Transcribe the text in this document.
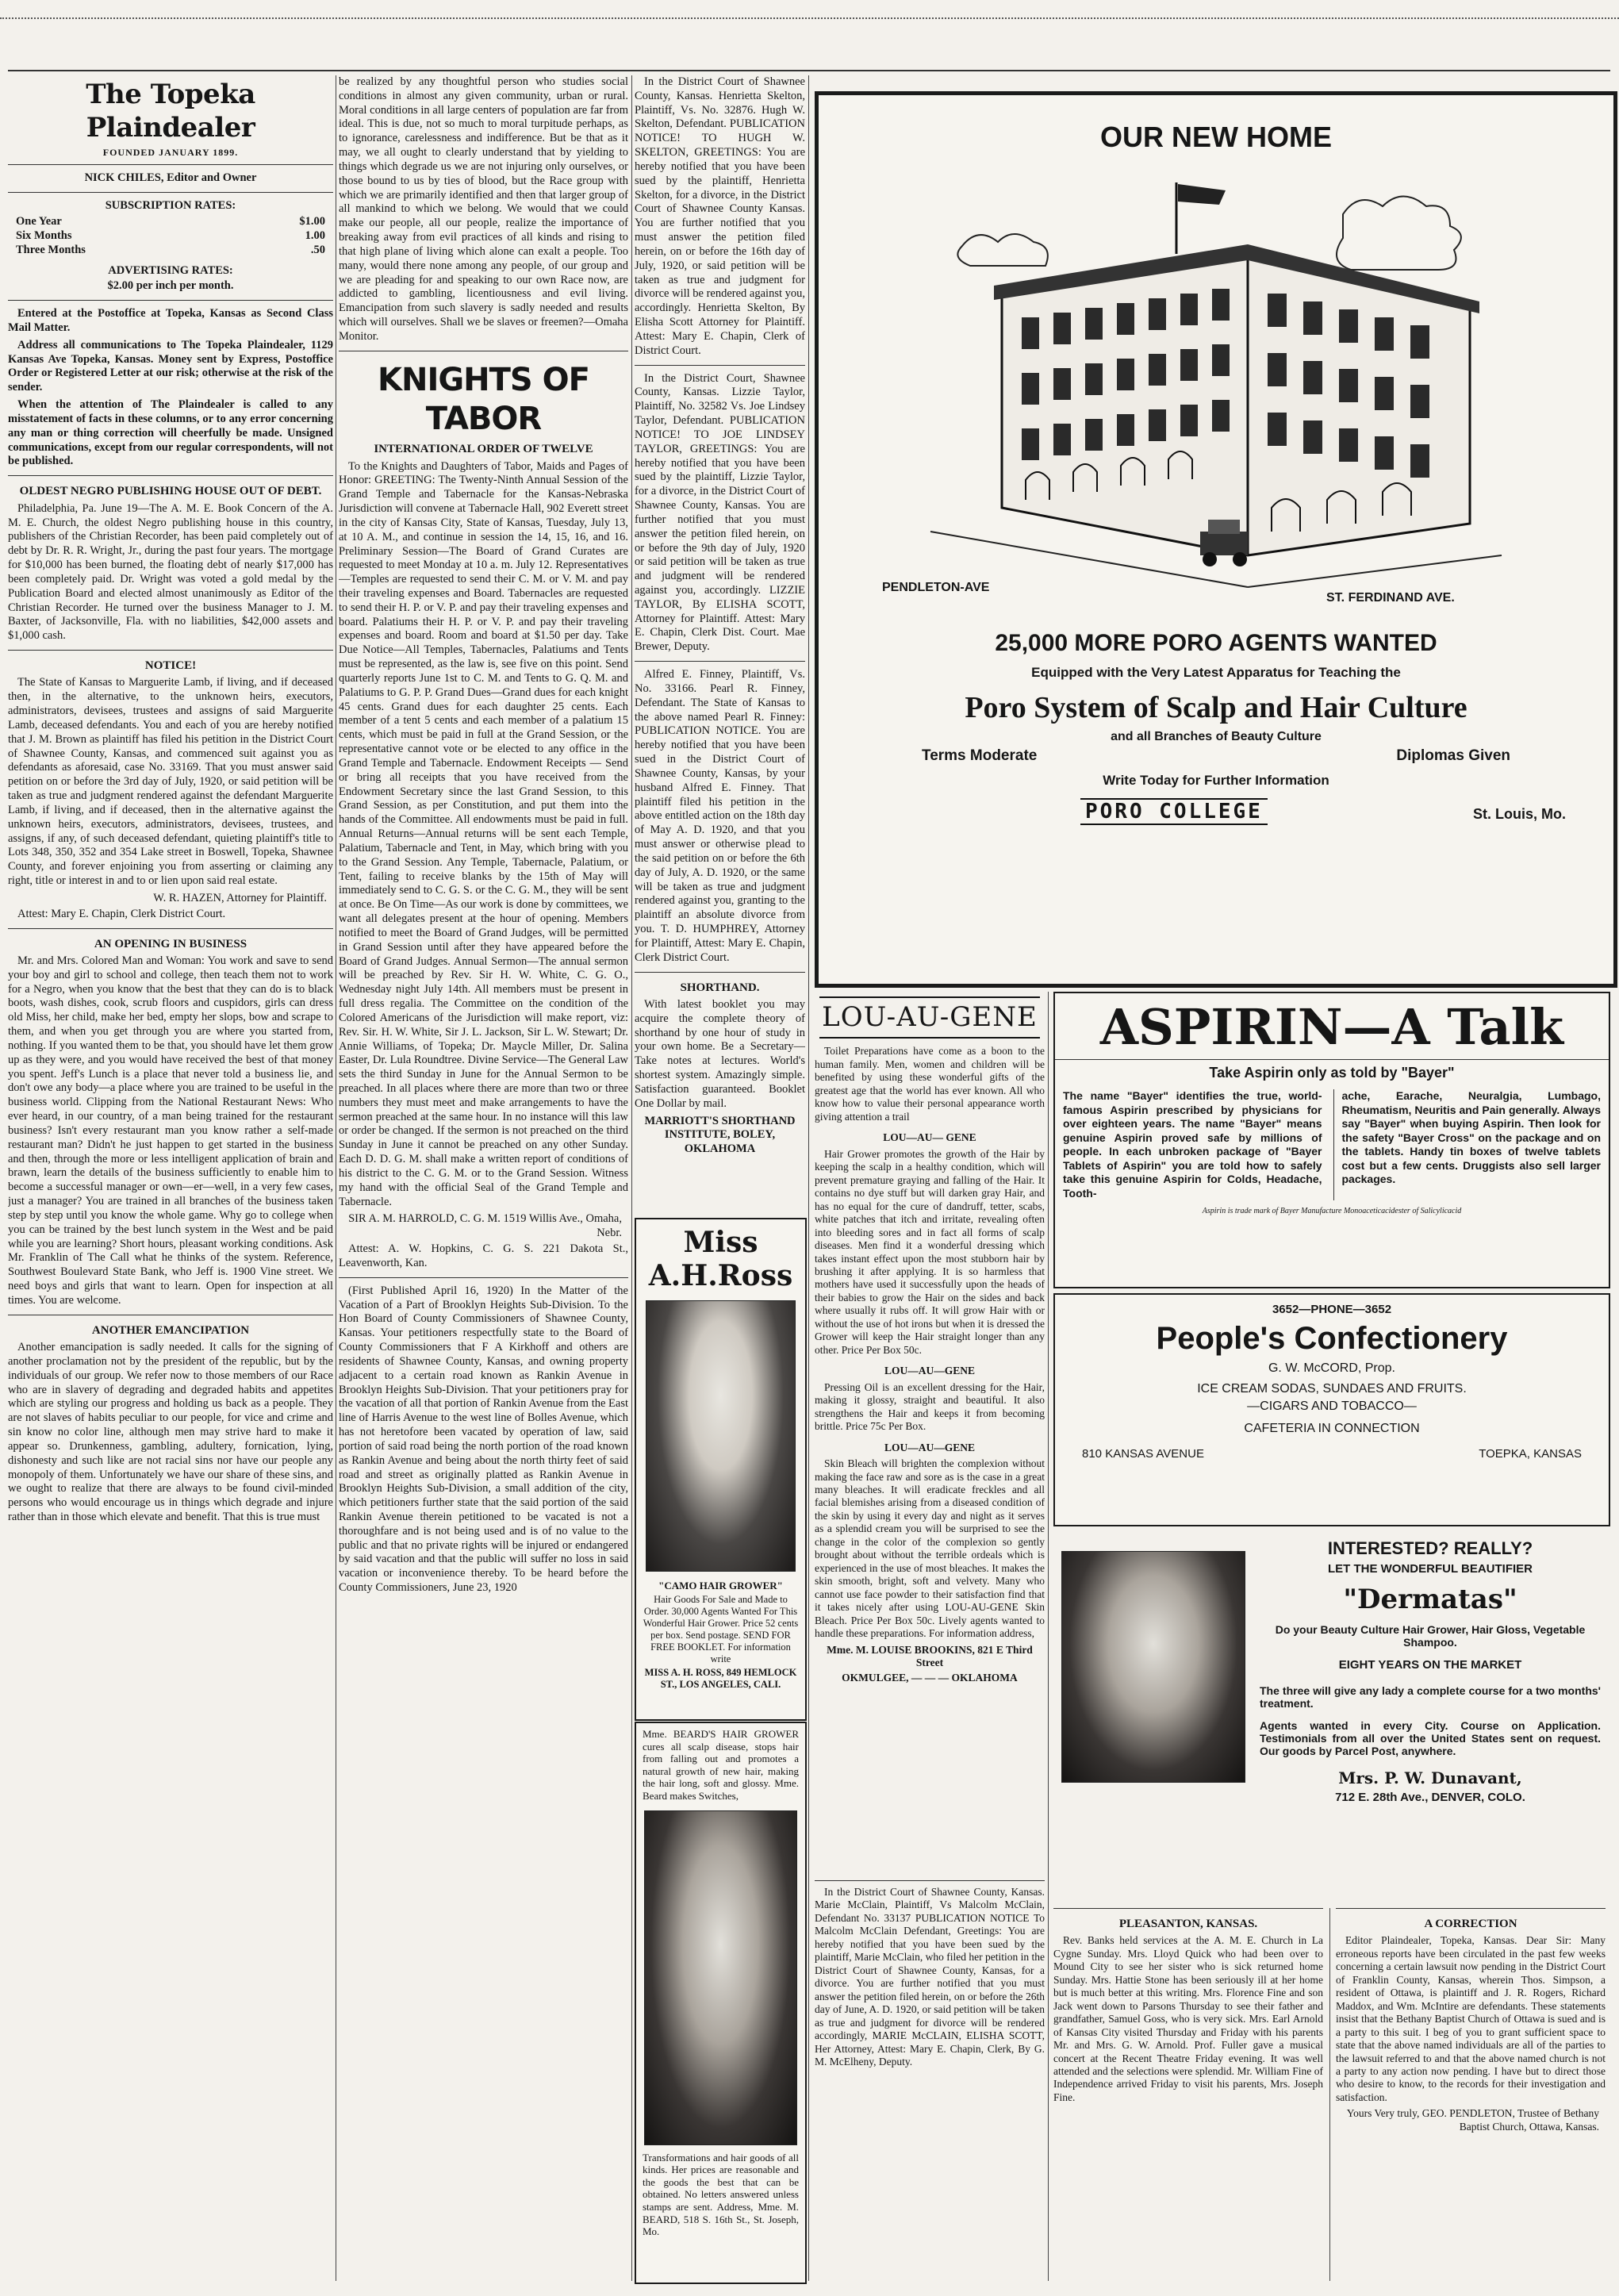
The Topeka Plaindealer
FOUNDED JANUARY 1899.
NICK CHILES, Editor and Owner
SUBSCRIPTION RATES:
One Year	$1.00
Six Months	1.00
Three Months	.50
ADVERTISING RATES:
$2.00 per inch per month.

Entered at the Postoffice at Topeka, Kansas as Second Class Mail Matter.

Address all communications to The Topeka Plaindealer, 1129 Kansas Ave Topeka, Kansas. Money sent by Express, Postoffice Order or Registered Letter at our risk; otherwise at the risk of the sender.

When the attention of The Plaindealer is called to any misstatement of facts in these columns, or to any error concerning any man or thing correction will cheerfully be made. Unsigned communications, except from our regular correspondents, will not be published.

OLDEST NEGRO PUBLISHING HOUSE OUT OF DEBT.

Philadelphia, Pa. June 19—The A. M. E. Book Concern of the A. M. E. Church, the oldest Negro publishing house in this country, publishers of the Christian Recorder, has been paid completely out of debt by Dr. R. R. Wright, Jr., during the past four years. The mortgage for $10,000 has been burned, the floating debt of nearly $17,000 has been completely paid. Dr. Wright was voted a gold medal by the Publication Board and elected almost unanimously as Editor of the Christian Recorder. He turned over the business Manager to J. M. Baxter, of Jacksonville, Fla. with no liabilities, $42,000 assets and $1,000 cash.

NOTICE!

The State of Kansas to Marguerite Lamb, if living, and if deceased then, in the alternative, to the unknown heirs, executors, administrators, devisees, trustees and assigns of said Marguerite Lamb, deceased defendants. You and each of you are hereby notified that J. M. Brown as plaintiff has filed his petition in the District Court of Shawnee County, Kansas, and commenced suit against you as defendants as aforesaid, case No. 33169. That you must answer said petition on or before the 3rd day of July, 1920, or said petition will be taken as true and judgment rendered against the defendant Marguerite Lamb, if living, and if deceased, then in the alternative against the unknown heirs, executors, administrators, devisees, trustees, and assigns, if any, of such deceased defendant, quieting plaintiff's title to Lots 348, 350, 352 and 354 Lake street in Boswell, Topeka, Shawnee County, and forever enjoining you from asserting or claiming any right, title or interest in and to or lien upon said real estate.

W. R. HAZEN, Attorney for Plaintiff.

Attest: Mary E. Chapin, Clerk District Court.

AN OPENING IN BUSINESS

Mr. and Mrs. Colored Man and Woman: You work and save to send your boy and girl to school and college, then teach them not to work for a Negro, when you know that the best that they can do is to black boots, wash dishes, cook, scrub floors and cuspidors, girls can dress old Miss, her child, make her bed, empty her slops, bow and scrape to them, and when you get through you are where you started from, nothing. If you wanted them to be that, you should have let them grow up as they were, and you would have received the best of that money you spent. Jeff's Lunch is a place that never told a business lie, and don't owe any body—a place where you are trained to be useful in the business world. Clipping from the National Restaurant News: Who ever heard, in our country, of a man being trained for the restaurant business? Isn't every restaurant man you know rather a self-made restaurant man? Didn't he just happen to get started in the business and then, through the more or less intelligent application of brain and brawn, learn the details of the business sufficiently to enable him to become a successful manager or own—er—well, in a very few cases, just a manager? You are trained in all branches of the business taken step by step until you know the whole game. Why go to college when you can be trained by the best lunch system in the West and be paid while you are learning? Short hours, pleasant working conditions. Ask Mr. Franklin of The Call what he thinks of the system. Reference, Southwest Boulevard State Bank, who Jeff is. 1900 Vine street. We need boys and girls that want to learn. Open for inspection at all times. You are welcome.

ANOTHER EMANCIPATION

Another emancipation is sadly needed. It calls for the signing of another proclamation not by the president of the republic, but by the individuals of our group. We refer now to those members of our Race who are in slavery of degrading and degraded habits and appetites which are styling our progress and holding us back as a people. They are not slaves of habits peculiar to our people, for vice and crime and sin know no color line, although men may strive hard to make it appear so. Drunkenness, gambling, adultery, fornication, lying, dishonesty and such like are not racial sins nor have our people any monopoly of them. Unfortunately we have our share of these sins, and we ought to realize that there are always to be found civil-minded persons who would encourage us in things which degrade and injure rather than in those which elevate and benefit. That this is true must

be realized by any thoughtful person who studies social conditions in almost any given community, urban or rural. Moral conditions in all large centers of population are far from ideal. This is due, not so much to moral turpitude perhaps, as to ignorance, carelessness and indifference. But be that as it may, we all ought to clearly understand that by yielding to things which degrade us we are not injuring only ourselves, or those bound to us by ties of blood, but the Race group with which we are primarily identified and then that larger group of all mankind to which we belong. We would that we could make our people, all our people, realize the importance of breaking away from evil practices of all kinds and rising to that high plane of living which alone can exalt a people. Too many, would there none among any people, of our group and we are pleading for and speaking to our own Race now, are addicted to gambling, licentiousness and evil living. Emancipation from such slavery is sadly needed and results which will ourselves. Shall we be slaves or freemen?—Omaha Monitor.

KNIGHTS OF TABOR
INTERNATIONAL ORDER OF TWELVE

To the Knights and Daughters of Tabor, Maids and Pages of Honor: GREETING: The Twenty-Ninth Annual Session of the Grand Temple and Tabernacle for the Kansas-Nebraska Jurisdiction will convene at Tabernacle Hall, 902 Everett street in the city of Kansas City, State of Kansas, Tuesday, July 13, at 10 A. M., and continue in session the 14, 15, 16, and 16. Preliminary Session—The Board of Grand Curates are requested to meet Monday at 10 a. m. July 12. Representatives—Temples are requested to send their C. M. or V. M. and pay their traveling expenses and Board. Tabernacles are requested to send their H. P. or V. P. and pay their traveling expenses and board. Palatiums their H. P. or V. P. and pay their traveling expenses and board. Room and board at $1.50 per day. Take Due Notice—All Temples, Tabernacles, Palatiums and Tents must be represented, as the law is, see five on this point. Send quarterly reports June 1st to C. M. and Tents to G. Q. M. and Palatiums to G. P. P. Grand Dues—Grand dues for each knight 45 cents. Grand dues for each daughter 25 cents. Each member of a tent 5 cents and each member of a palatium 15 cents, which must be paid in full at the Grand Session, or the representative cannot vote or be elected to any office in the Grand Temple and Tabernacle. Endowment Receipts — Send or bring all receipts that you have received from the Endowment Secretary since the last Grand Session, to this Grand Session, as per Constitution, and put them into the hands of the Committee. All endowments must be paid in full. Annual Returns—Annual returns will be sent each Temple, Palatium, Tabernacle and Tent, in May, which bring with you to the Grand Session. Any Temple, Tabernacle, Palatium, or Tent, failing to receive blanks by the 15th of May will immediately send to C. G. S. or the C. G. M., they will be sent at once. Be On Time—As our work is done by committees, we want all delegates present at the hour of opening. Members notified to meet the Board of Grand Judges, will be permitted in Grand Session until after they have appeared before the Board of Grand Judges. Annual Sermon—The annual sermon will be preached by Rev. Sir H. W. White, C. G. O., Wednesday night July 14th. All members must be present in full dress regalia. The Committee on the condition of the Colored Americans of the Jurisdiction will make report, viz: Rev. Sir. H. W. White, Sir J. L. Jackson, Sir L. W. Stewart; Dr. Annie Williams, of Topeka; Dr. Maycle Miller, Dr. Salina Easter, Dr. Lula Roundtree. Divine Service—The General Law sets the third Sunday in June for the Annual Sermon to be preached. In all places where there are more than two or three numbers they must meet and make arrangements to have the sermon preached at the same hour. In no instance will this law or order be changed. If the sermon is not preached on the third Sunday in June it cannot be preached on any other Sunday. Each D. D. G. M. shall make a written report of conditions of his district to the C. G. M. or to the Grand Session. Witness my hand with the official Seal of the Grand Temple and Tabernacle.

SIR A. M. HARROLD, C. G. M. 1519 Willis Ave., Omaha, Nebr.

Attest: A. W. Hopkins, C. G. S. 221 Dakota St., Leavenworth, Kan.

(First Published April 16, 1920) In the Matter of the Vacation of a Part of Brooklyn Heights Sub-Division. To the Hon Board of County Commissioners of Shawnee County, Kansas. Your petitioners respectfully state to the Board of County Commissioners that F A Kirkhoff and others are residents of Shawnee County, Kansas, and owning property adjacent to a certain road known as Rankin Avenue in Brooklyn Heights Sub-Division. That your petitioners pray for the vacation of all that portion of Rankin Avenue from the East line of Harris Avenue to the west line of Bolles Avenue, which has not heretofore been vacated by operation of law, said portion of said road being the north portion of the road known as Rankin Avenue and being about the north thirty feet of said road and street as originally platted as Rankin Avenue in Brooklyn Heights Sub-Division, a small addition of the city, which petitioners further state that the said portion of the said Rankin Avenue therein petitioned to be vacated is not a thoroughfare and is not being used and is of no value to the public and that no private rights will be injured or endangered by said vacation and that the public will suffer no loss in said vacation or inconvenience thereby. To be heard before the County Commissioners, June 23, 1920

In the District Court of Shawnee County, Kansas. Henrietta Skelton, Plaintiff, Vs. No. 32876. Hugh W. Skelton, Defendant. PUBLICATION NOTICE! TO HUGH W. SKELTON, GREETINGS: You are hereby notified that you have been sued by the plaintiff, Henrietta Skelton, for a divorce, in the District Court of Shawnee County Kansas. You are further notified that you must answer the petition filed herein, on or before the 16th day of July, 1920, or said petition will be taken as true and judgment for divorce will be rendered against you, accordingly. Henrietta Skelton, By Elisha Scott Attorney for Plaintiff. Attest: Mary E. Chapin, Clerk of District Court.

In the District Court, Shawnee County, Kansas. Lizzie Taylor, Plaintiff, No. 32582 Vs. Joe Lindsey Taylor, Defendant. PUBLICATION NOTICE! TO JOE LINDSEY TAYLOR, GREETINGS: You are hereby notified that you have been sued by the plaintiff, Lizzie Taylor, for a divorce, in the District Court of Shawnee County, Kansas. You are further notified that you must answer the petition filed herein, on or before the 9th day of July, 1920 or said petition will be taken as true and judgment will be rendered against you, accordingly. LIZZIE TAYLOR, By ELISHA SCOTT, Attorney for Plaintiff. Attest: Mary E. Chapin, Clerk Dist. Court. Mae Brewer, Deputy.

Alfred E. Finney, Plaintiff, Vs. No. 33166. Pearl R. Finney, Defendant. The State of Kansas to the above named Pearl R. Finney: PUBLICATION NOTICE. You are hereby notified that you have been sued in the District Court of Shawnee County, Kansas, by your husband Alfred E. Finney. That plaintiff filed his petition in the above entitled action on the 18th day of May A. D. 1920, and that you must answer or otherwise plead to the said petition on or before the 6th day of July, A. D. 1920, or the same will be taken as true and judgment rendered against you, granting to the plaintiff an absolute divorce from you. T. D. HUMPHREY, Attorney for Plaintiff, Attest: Mary E. Chapin, Clerk District Court.

SHORTHAND.

With latest booklet you may acquire the complete theory of shorthand by one hour of study in your own home. Be a Secretary—Take notes at lectures. World's shortest system. Amazingly simple. Satisfaction guaranteed. Booklet One Dollar by mail.

MARRIOTT'S SHORTHAND INSTITUTE, BOLEY, OKLAHOMA
Miss A.H.Ross
"CAMO HAIR GROWER"
Hair Goods For Sale and Made to Order. 30,000 Agents Wanted For This Wonderful Hair Grower. Price 52 cents per box. Send postage. SEND FOR FREE BOOKLET. For information write
MISS A. H. ROSS, 849 HEMLOCK ST., LOS ANGELES, CALI.
Mme. BEARD'S HAIR GROWER cures all scalp disease, stops hair from falling out and promotes a natural growth of new hair, making the hair long, soft and glossy. Mme. Beard makes Switches,
Transformations and hair goods of all kinds. Her prices are reasonable and the goods the best that can be obtained. No letters answered unless stamps are sent. Address, Mme. M. BEARD, 518 S. 16th St., St. Joseph, Mo.
OUR NEW HOME
PENDLETON-AVE
ST. FERDINAND AVE.
25,000 MORE PORO AGENTS WANTED
Equipped with the Very Latest Apparatus for Teaching the
Poro System of Scalp and Hair Culture
and all Branches of Beauty Culture
Terms Moderate	Diplomas Given
Write Today for Further Information
PORO COLLEGE	St. Louis, Mo.
LOU-AU-GENE

Toilet Preparations have come as a boon to the human family. Men, women and children will be benefited by using these wonderful gifts of the greatest age that the world has ever known. All who know how to value their personal appearance worth giving attention a trail

LOU—AU— GENE

Hair Grower promotes the growth of the Hair by keeping the scalp in a healthy condition, which will prevent premature graying and falling of the Hair. It contains no dye stuff but will darken gray Hair, and has no equal for the cure of dandruff, tetter, scabs, white patches that itch and irritate, revealing often into bleeding sores and in fact all forms of scalp diseases. Men find it a wonderful dressing which takes instant effect upon the most stubborn hair by brushing it after applying. It is so harmless that mothers have used it successfully upon the heads of their babies to grow the Hair on the sides and back where usually it rubs off. It will grow Hair with or without the use of hot irons but when it is dressed the Grower will keep the Hair straight longer than any other. Price Per Box 50c.

LOU—AU—GENE

Pressing Oil is an excellent dressing for the Hair, making it glossy, straight and beautiful. It also strengthens the Hair and keeps it from becoming brittle. Price 75c Per Box.

LOU—AU—GENE

Skin Bleach will brighten the complexion without making the face raw and sore as is the case in a great many bleaches. It will eradicate freckles and all facial blemishes arising from a diseased condition of the skin by using it every day and night as it serves as a splendid cream you will be surprised to see the change in the color of the complexion so gently brought about without the terrible ordeals which is experienced in the use of most bleaches. It makes the skin smooth, bright, soft and velvety. Many who cannot use face powder to their satisfaction find that it takes nicely after using LOU-AU-GENE Skin Bleach. Price Per Box 50c. Lively agents wanted to handle these preparations. For information address,

Mme. M. LOUISE BROOKINS, 821 E Third Street
OKMULGEE, — — — OKLAHOMA

In the District Court of Shawnee County, Kansas. Marie McClain, Plaintiff, Vs Malcolm McClain, Defendant No. 33137 PUBLICATION NOTICE To Malcolm McClain Defendant, Greetings: You are hereby notified that you have been sued by the plaintiff, Marie McClain, who filed her petition in the District Court of Shawnee County, Kansas, for a divorce. You are further notified that you must answer the petition filed herein, on or before the 26th day of June, A. D. 1920, or said petition will be taken as true and judgment for divorce will be rendered accordingly, MARIE McCLAIN, ELISHA SCOTT, Her Attorney, Attest: Mary E. Chapin, Clerk, By G. M. McElheny, Deputy.

ASPIRIN—A Talk
Take Aspirin only as told by "Bayer"
The name "Bayer" identifies the true, world-famous Aspirin prescribed by physicians for over eighteen years. The name "Bayer" means genuine Aspirin proved safe by millions of people. In each unbroken package of "Bayer Tablets of Aspirin" you are told how to safely take this genuine Aspirin for Colds, Headache, Tooth-
ache, Earache, Neuralgia, Lumbago, Rheumatism, Neuritis and Pain generally. Always say "Bayer" when buying Aspirin. Then look for the safety "Bayer Cross" on the package and on the tablets. Handy tin boxes of twelve tablets cost but a few cents. Druggists also sell larger packages.
Aspirin is trade mark of Bayer Manufacture Monoaceticacidester of Salicylicacid
3652—PHONE—3652
People's Confectionery
G. W. McCORD, Prop.
ICE CREAM SODAS, SUNDAES AND FRUITS.
—CIGARS AND TOBACCO—
CAFETERIA IN CONNECTION
810 KANSAS AVENUE	TOEPKA, KANSAS
INTERESTED? REALLY?
LET THE WONDERFUL BEAUTIFIER
"Dermatas"
Do your Beauty Culture Hair Grower, Hair Gloss, Vegetable Shampoo.
EIGHT YEARS ON THE MARKET
The three will give any lady a complete course for a two months' treatment.
Agents wanted in every City. Course on Application. Testimonials from all over the United States sent on request. Our goods by Parcel Post, anywhere.
Mrs. P. W. Dunavant,
712 E. 28th Ave., DENVER, COLO.
PLEASANTON, KANSAS.

Rev. Banks held services at the A. M. E. Church in La Cygne Sunday. Mrs. Lloyd Quick who had been over to Mound City to see her sister who is sick returned home Sunday. Mrs. Hattie Stone has been seriously ill at her home but is much better at this writing. Mrs. Florence Fine and son Jack went down to Parsons Thursday to see their father and grandfather, Samuel Goss, who is very sick. Mrs. Earl Arnold of Kansas City visited Thursday and Friday with his parents Mr. and Mrs. G. W. Arnold. Prof. Fuller gave a musical concert at the Recent Theatre Friday evening. It was well attended and the selections were splendid. Mr. William Fine of Independence arrived Friday to visit his parents, Mrs. Joseph Fine.

A CORRECTION

Editor Plaindealer, Topeka, Kansas. Dear Sir: Many erroneous reports have been circulated in the past few weeks concerning a certain lawsuit now pending in the District Court of Franklin County, Kansas, wherein Thos. Simpson, a resident of Ottawa, is plaintiff and J. R. Rogers, Richard Maddox, and Wm. McIntire are defendants. These statements insist that the Bethany Baptist Church of Ottawa is sued and is a party to this suit. I beg of you to grant sufficient space to state that the above named individuals are all of the parties to the lawsuit referred to and that the above named church is not a party to any action now pending. I have but to direct those who desire to know, to the records for their investigation and satisfaction.

Yours Very truly, GEO. PENDLETON, Trustee of Bethany Baptist Church, Ottawa, Kansas.
